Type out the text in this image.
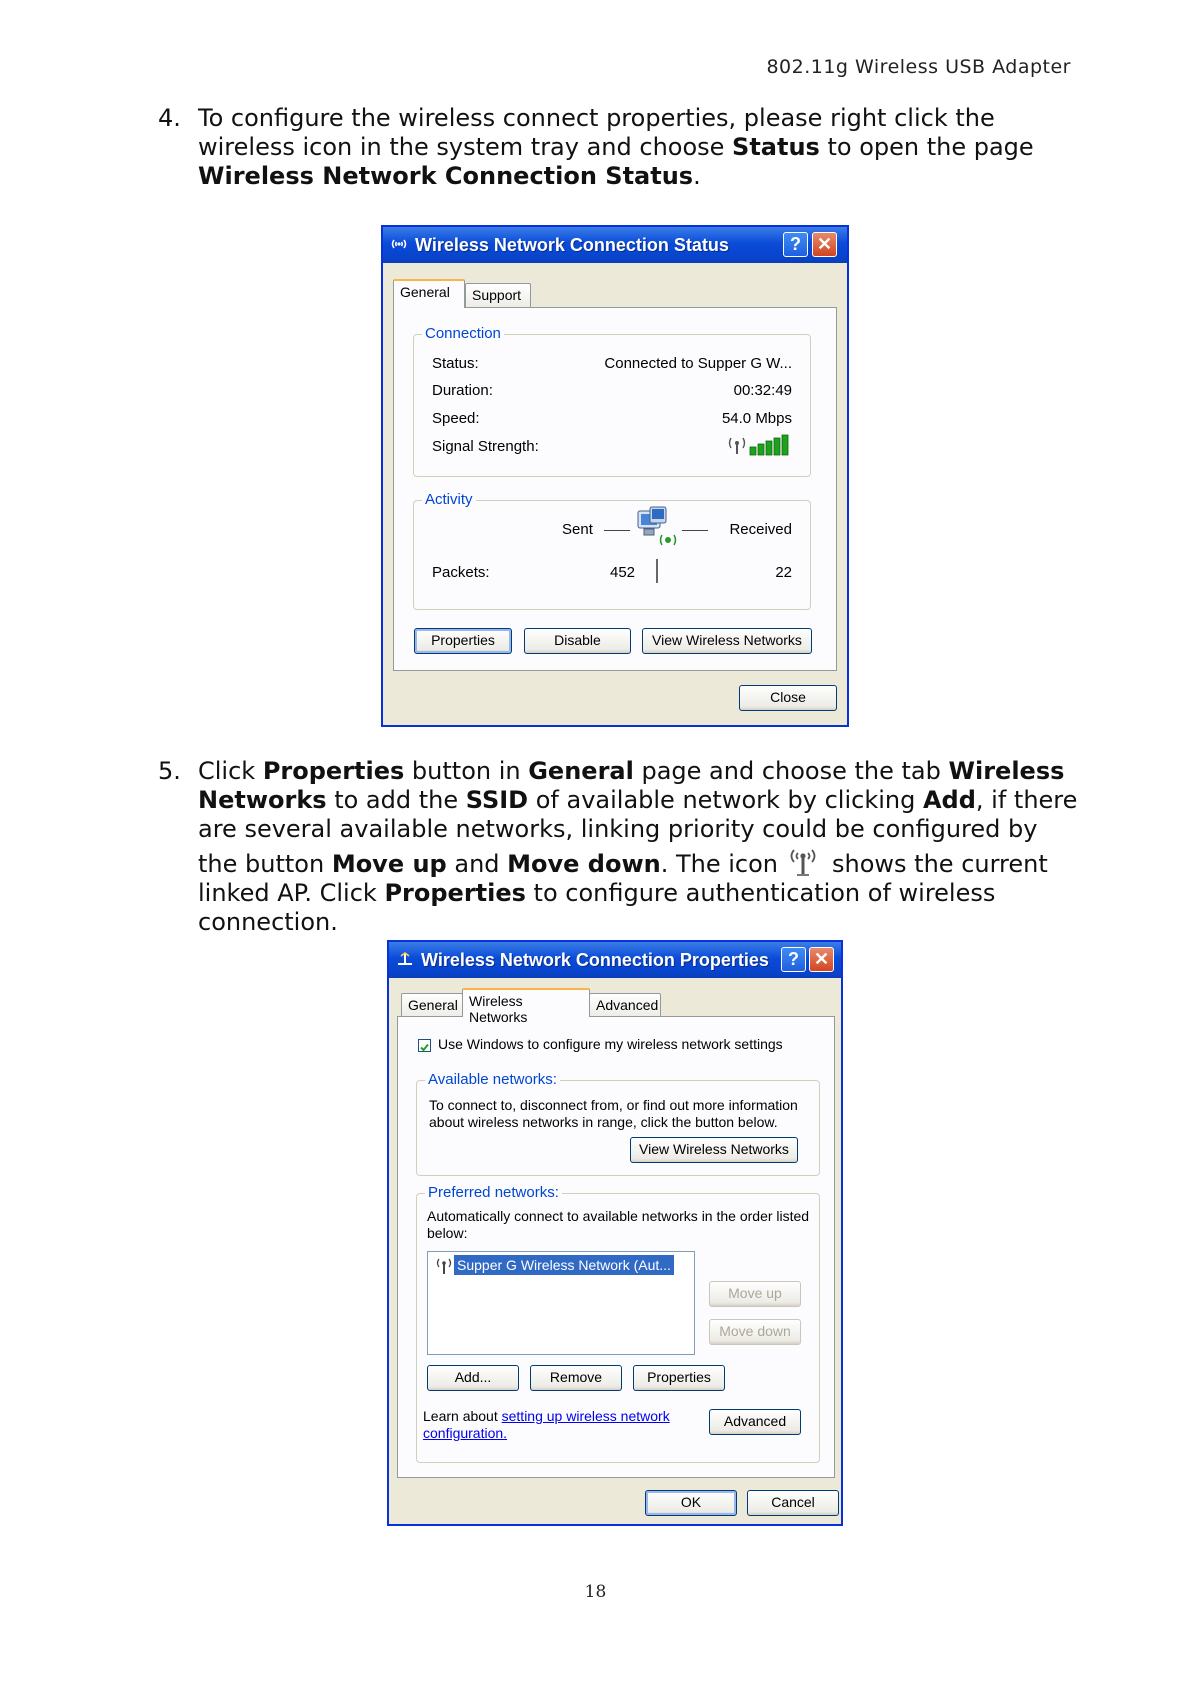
802.11g Wireless USB Adapter
4. To configure the wireless connect properties, please right click the wireless icon in the system tray and choose Status to open the page Wireless Network Connection Status.
Wireless Network Connection Status	? ✕
General	Support
Connection
Status:	Connected to Supper G W...
Duration:	00:32:49
Speed:	54.0 Mbps
Signal Strength:
Activity
Sent	Received
Packets:	452	22
Properties	Disable	View Wireless Networks
Close
5. Click Properties button in General page and choose the tab Wireless Networks to add the SSID of available network by clicking Add, if there are several available networks, linking priority could be configured by the button Move up and Move down. The icon shows the current linked AP. Click Properties to configure authentication of wireless connection.
Wireless Network Connection Properties	? ✕
General Wireless Networks
Advanced
Use Windows to configure my wireless network settings
Available networks:
To connect to, disconnect from, or find out more information
about wireless networks in range, click the button below.
View Wireless Networks
Preferred networks:
Automatically connect to available networks in the order listed
below:
Supper G Wireless Network (Aut...
Move up
Move down
Add...	Remove	Properties
Learn about setting up wireless network
configuration.
Advanced
OK	Cancel
18
